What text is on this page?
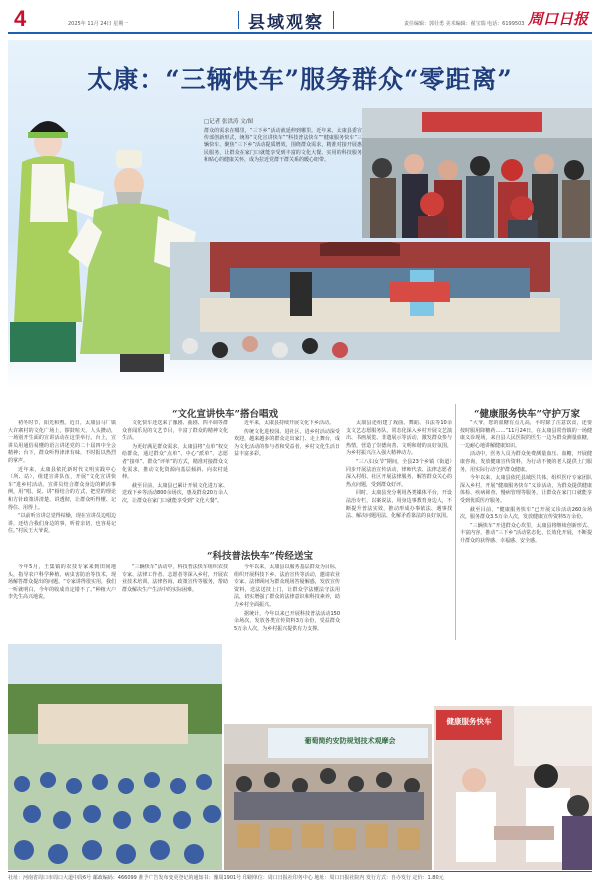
4	2025年 11月 24日 星期一	县域观察	责任编辑：郭壮勇 美术编辑：翟宝瑞 电话：6199503 周口日报
太康：“三辆快车”服务群众“零距离”
□记者 张洪涛 文/图
群众的需求在哪里，“三下乡”活动就延伸到哪里。近年来，太康县委宣传部创新形式，统筹“文化宣讲快车”“科技普法快车”“健康服务快车”三辆快车，聚焦“三下乡”活动提质增效，围绕群众需求，精准对接开展惠民服务，让群众在家门口就能享受到丰富的文化大餐、实用的科技服务和贴心的健康关怀，成为拉近党群干群关系的暖心纽带。
“文化宣讲快车”搭台唱戏	“健康服务快车”守护万家
“科技普法快车”传经送宝

初冬时节，阳光和煦。近日，太康县马厂镇大许寨村的文化广场上，锣鼓喧天，人头攒动，一场别开生面的宣讲活动在这里举行。台上，宣讲员用通俗易懂的语言讲述党的二十届四中全会精神；台下，群众听得津津有味，不时报以热烈的掌声。

近年来，太康县依托新时代文明实践中心（所、站），组建宣讲队伍，开展“文化宣讲快车”进乡村活动。宣讲员结合群众身边的鲜活事例，用“唱、说、讲”相结合的方式，把党的理论和方针政策讲清楚、讲透彻，让群众听得懂、记得住、用得上。

“以前听宣讲总觉得枯燥，现在宣讲员边唱边讲，还结合我们身边的事，听着亲切，也容易记住。”村民王大爷说。

文化快车还送来了豫剧、曲剧、四平调等群众喜闻乐见的文艺节目，丰富了群众的精神文化生活。

为更好满足群众需求，太康县将“点单”权交给群众，通过群众“点单”、中心“派单”、志愿者“接单”、群众“评单”的方式，精准对接群众文化需求，推动文化资源向基层倾斜、向农村延伸。

截至目前，太康县已累计开展文化进万家、送戏下乡等活动800余场次，惠及群众20万余人次，让群众在家门口就能享受到“文化大餐”。

近年来，太康县持续开展文化下乡活动。

传统文化进校园、进社区、进乡村活动深受欢迎，越来越多的群众走出家门、走上舞台，成为文化活动的参与者和受益者，乡村文化生活日益丰富多彩。

太康县还组建了戏曲、舞蹈、书法等10余支文艺志愿服务队，常态化深入乡村开展文艺演出、书画展览、非遗展示等活动，激发群众参与热情，营造了崇德向善、文明和谐的良好氛围，为乡村振兴注入强大精神动力。

“三八妇女节”期间，全县23个乡镇（街道）同步开展法治宣传活动，律师代表、法律志愿者深入村组、社区开展法律服务，解答群众关心的热点问题，受到群众好评。

同时，太康县充分利用各类媒体平台，开设法治专栏，以案说法，用身边事教育身边人，不断提升普法实效，推动形成办事依法、遇事找法、解决问题用法、化解矛盾靠法的良好氛围。

今年5月，王集镇的农技专家来到田间地头，指导农户科学种植、病虫害防治等技术，现场解答群众提出的问题。“专家讲得很实用，我们一听就明白，今年的收成肯定错不了。”种植大户李先生高兴地说。

“三辆快车”活动中，科技普法快车组织农技专家、法律工作者、志愿者等深入乡村，开展农业技术培训、法律咨询、政策宣传等服务，帮助群众解决生产生活中的实际困难。

今年以来，太康县以服务基层群众为目标，组织开展科技下乡、法治宣传等活动，邀请农业专家、法律顾问为群众现场答疑解惑，发放宣传资料，送法送技上门，让群众学法懂法守法用法，切实增强了群众的法律意识和科技素养，助力乡村全面振兴。

据统计，今年以来已开展科技普法活动150余场次，发放各类宣传资料3万余份，受益群众5万余人次，为乡村振兴提供有力支撑。

“大爷，您的血糖有点儿高，平时除了注意饮食，还要按时服用降糖药……”11月24日，在太康县常营镇的一场健康义诊现场，来自县人民医院的医生一边为群众测量血糖，一边耐心地讲解健康知识。

活动中，医务人员为群众免费测量血压、血糖，开展健康咨询，发放健康宣传资料，为行动不便的老人提供上门服务，用实际行动守护群众健康。

今年以来，太康县依托县域医共体，组织医疗专家团队深入乡村，开展“健康服务快车”义诊活动，为群众提供健康体检、疾病筛查、慢病管理等服务，让群众在家门口就能享受到优质医疗服务。

截至目前，“健康服务快车”已开展义诊活动260余场次，服务群众3.5万余人次，发放健康宣传资料5万余份。

“三辆快车”开进群众心坎里，太康县将继续创新形式、丰富内容，推动“三下乡”活动常态化、长效化开展，不断提升群众的获得感、幸福感、安全感。

葡萄简约安防规划技术观摩会
健康服务快车
社址：河南省周口市周口大道中段6号 邮政编码：466099 准予广告发布变更登记的通知书：豫周1901号 印刷单位：周口日报社印务中心 地址：周口日报社院内 发行方式：自办发行 定价：1.80元
